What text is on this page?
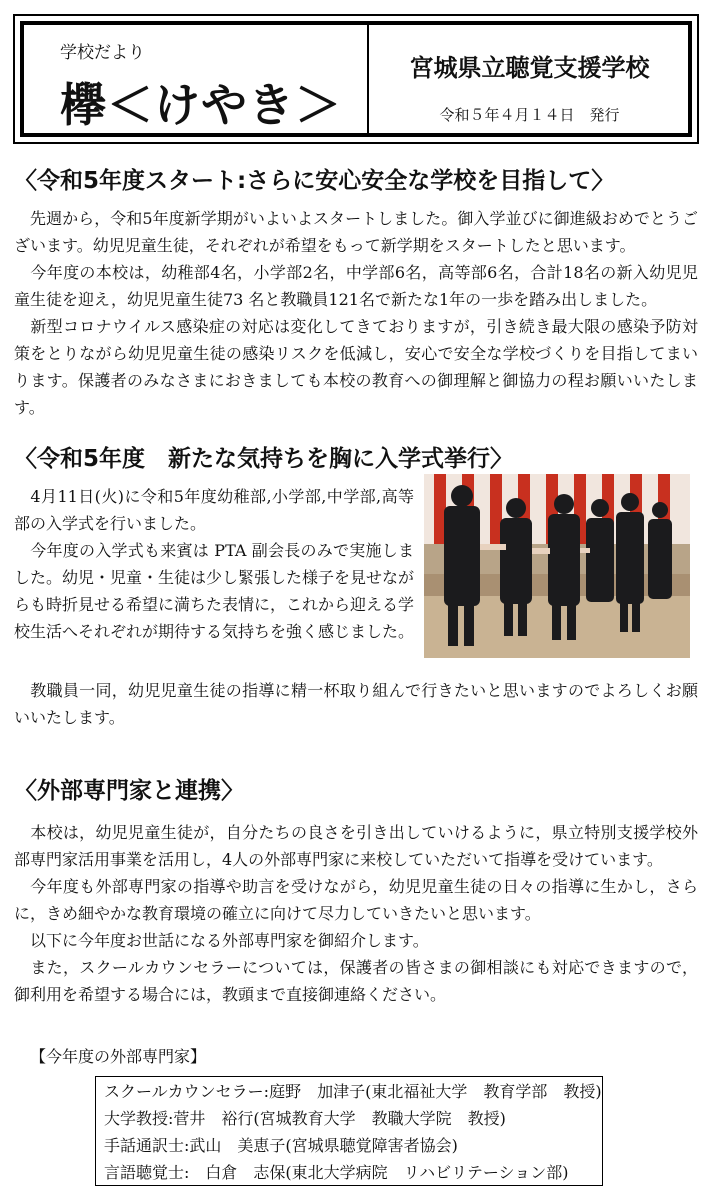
学校だより
欅＜けやき＞
宮城県立聴覚支援学校
令和５年４月１４日　発行
〈令和5年度スタート:さらに安心安全な学校を目指して〉
　先週から，令和5年度新学期がいよいよスタートしました。御入学並びに御進級おめでとうございます。幼児児童生徒，それぞれが希望をもって新学期をスタートしたと思います。
　今年度の本校は，幼稚部4名，小学部2名，中学部6名，高等部6名，合計18名の新入幼児児童生徒を迎え，幼児児童生徒73 名と教職員121名で新たな1年の一歩を踏み出しました。
　新型コロナウイルス感染症の対応は変化してきておりますが，引き続き最大限の感染予防対策をとりながら幼児児童生徒の感染リスクを低減し，安心で安全な学校づくりを目指してまいります。保護者のみなさまにおきましても本校の教育への御理解と御協力の程お願いいたします。
〈令和5年度　新たな気持ちを胸に入学式挙行〉
　4月11日(火)に令和5年度幼稚部,小学部,中学部,高等部の入学式を行いました。
　今年度の入学式も来賓は PTA 副会長のみで実施しました。幼児・児童・生徒は少し緊張した様子を見せながらも時折見せる希望に満ちた表情に，これから迎える学校生活へそれぞれが期待する気持ちを強く感じました。
　教職員一同，幼児児童生徒の指導に精一杯取り組んで行きたいと思いますのでよろしくお願いいたします。
〈外部専門家と連携〉
　本校は，幼児児童生徒が，自分たちの良さを引き出していけるように，県立特別支援学校外部専門家活用事業を活用し，4人の外部専門家に来校していただいて指導を受けています。
　今年度も外部専門家の指導や助言を受けながら，幼児児童生徒の日々の指導に生かし，さらに，きめ細やかな教育環境の確立に向けて尽力していきたいと思います。
　以下に今年度お世話になる外部専門家を御紹介します。
　また，スクールカウンセラーについては，保護者の皆さまの御相談にも対応できますので，御利用を希望する場合には，教頭まで直接御連絡ください。
【今年度の外部専門家】
スクールカウンセラー:庭野　加津子(東北福祉大学　教育学部　教授)
大学教授:菅井　裕行(宮城教育大学　教職大学院　教授)
手話通訳士:武山　美恵子(宮城県聴覚障害者協会)
言語聴覚士:　白倉　志保(東北大学病院　リハビリテーション部)
